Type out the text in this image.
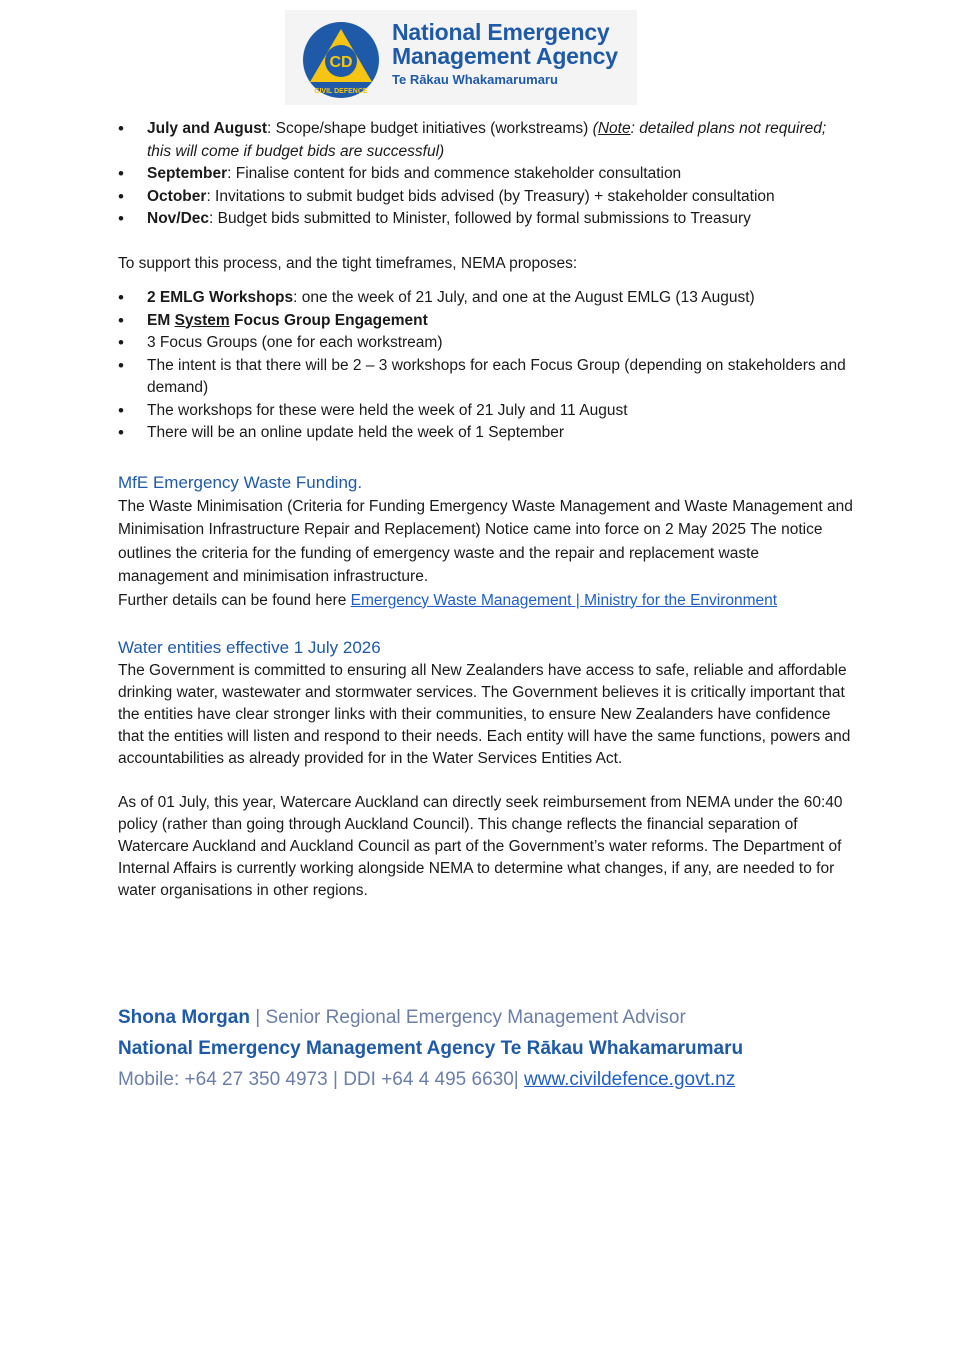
CD
CIVIL DEFENCE
National Emergency
Management Agency
Te Rākau Whakamarumaru
• July and August: Scope/shape budget initiatives (workstreams) (Note: detailed plans not required; this will come if budget bids are successful)
• September: Finalise content for bids and commence stakeholder consultation
• October: Invitations to submit budget bids advised (by Treasury) + stakeholder consultation
• Nov/Dec: Budget bids submitted to Minister, followed by formal submissions to Treasury

To support this process, and the tight timeframes, NEMA proposes:

• 2 EMLG Workshops: one the week of 21 July, and one at the August EMLG (13 August)
• EM System Focus Group Engagement
• 3 Focus Groups (one for each workstream)
• The intent is that there will be 2 – 3 workshops for each Focus Group (depending on stakeholders and demand)
• The workshops for these were held the week of 21 July and 11 August
• There will be an online update held the week of 1 September
MfE Emergency Waste Funding.

The Waste Minimisation (Criteria for Funding Emergency Waste Management and Waste Management and Minimisation Infrastructure Repair and Replacement) Notice came into force on 2 May 2025 The notice outlines the criteria for the funding of emergency waste and the repair and replacement waste management and minimisation infrastructure.

Further details can be found here Emergency Waste Management | Ministry for the Environment

Water entities effective 1 July 2026

The Government is committed to ensuring all New Zealanders have access to safe, reliable and affordable drinking water, wastewater and stormwater services. The Government believes it is critically important that the entities have clear stronger links with their communities, to ensure New Zealanders have confidence that the entities will listen and respond to their needs. Each entity will have the same functions, powers and accountabilities as already provided for in the Water Services Entities Act.

As of 01 July, this year, Watercare Auckland can directly seek reimbursement from NEMA under the 60:40 policy (rather than going through Auckland Council). This change reflects the financial separation of Watercare Auckland and Auckland Council as part of the Government’s water reforms. The Department of Internal Affairs is currently working alongside NEMA to determine what changes, if any, are needed to for water organisations in other regions.

Shona Morgan | Senior Regional Emergency Management Advisor
National Emergency Management Agency Te Rākau Whakamarumaru
Mobile: +64 27 350 4973 | DDI +64 4 495 6630| www.civildefence.govt.nz
